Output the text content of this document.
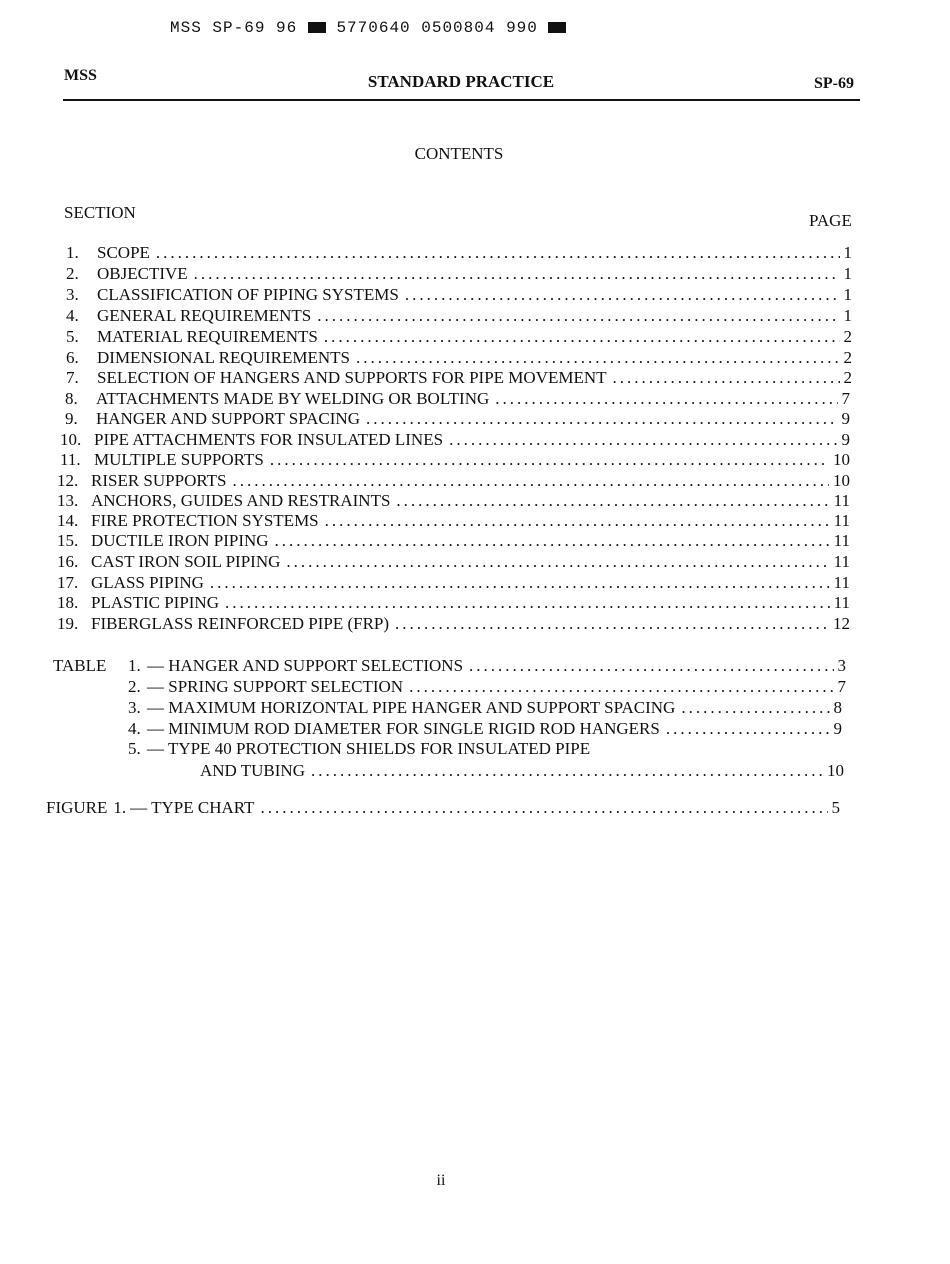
MSS SP-69 96 5770640 0500804 990
MSS	STANDARD PRACTICE	SP-69
CONTENTS
SECTION	PAGE
1.	SCOPE .....	1
2.	OBJECTIVE .....	1
3.	CLASSIFICATION OF PIPING SYSTEMS .....	1
4.	GENERAL REQUIREMENTS .....	1
5.	MATERIAL REQUIREMENTS .....	2
6.	DIMENSIONAL REQUIREMENTS .....	2
7.	SELECTION OF HANGERS AND SUPPORTS FOR PIPE MOVEMENT .....	2
8.	ATTACHMENTS MADE BY WELDING OR BOLTING .....	7
9.	HANGER AND SUPPORT SPACING .....	9
10. PIPE ATTACHMENTS FOR INSULATED LINES .....	9
11. MULTIPLE SUPPORTS .....	10
12. RISER SUPPORTS .....	10
13. ANCHORS, GUIDES AND RESTRAINTS .....	11
14. FIRE PROTECTION SYSTEMS .....	11
15. DUCTILE IRON PIPING .....	11
16. CAST IRON SOIL PIPING .....	11
17. GLASS PIPING .....	11
18. PLASTIC PIPING .....	11
19. FIBERGLASS REINFORCED PIPE (FRP) .....	12
TABLE 1. — HANGER AND SUPPORT SELECTIONS .....	3
2. — SPRING SUPPORT SELECTION .....	7
3. — MAXIMUM HORIZONTAL PIPE HANGER AND SUPPORT SPACING .....	8
4. — MINIMUM ROD DIAMETER FOR SINGLE RIGID ROD HANGERS .....	9
5. — TYPE 40 PROTECTION SHIELDS FOR INSULATED PIPE
AND TUBING .....	10
FIGURE 1. — TYPE CHART .....	5
ii
